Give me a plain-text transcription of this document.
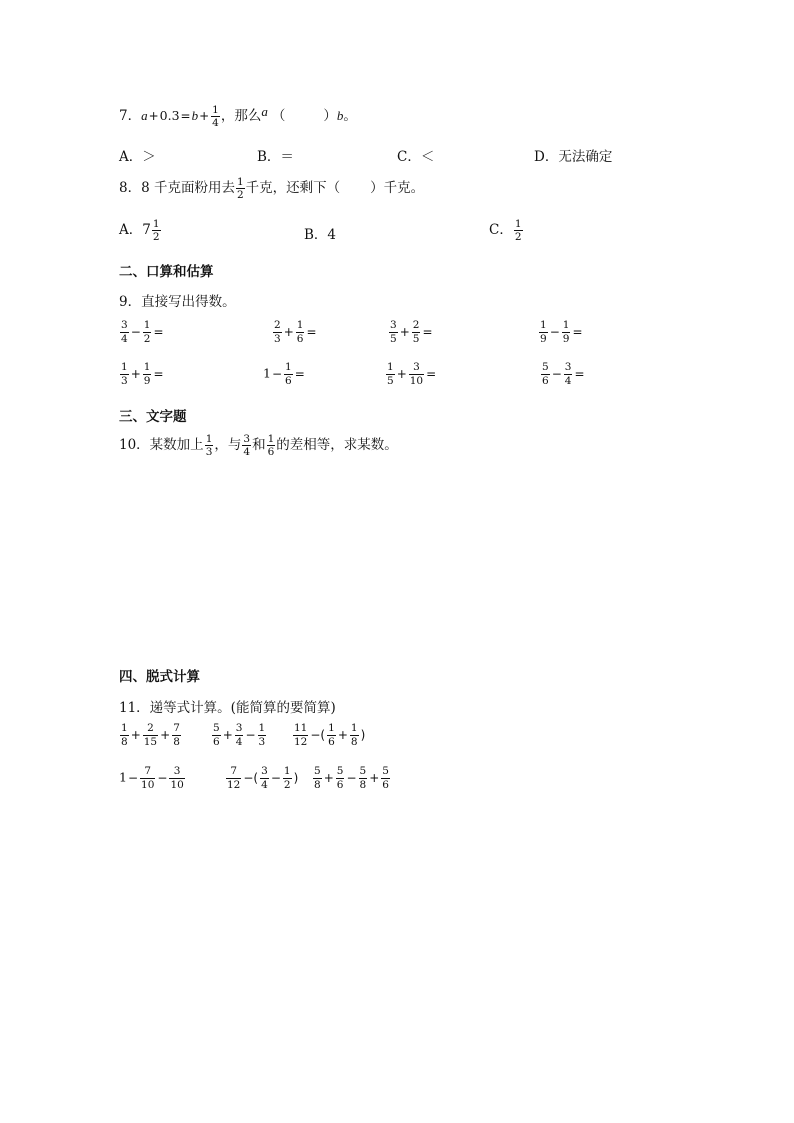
7．$a+0.3=b+ \frac{1}{4}$ ，那么a （	）b。
A．＞	B．＝	C．＜	D．无法确定
8．8 千克面粉用去 $\frac{1}{2}$ 千克，还剩下（ ）千克。
A．$7 \frac{1}{2}$	B．4	C． $\frac{1}{2}$
二、口算和估算
9．直接写出得数。
$\frac{3}{4} - \frac{1}{2}$ =	$\frac{2}{3} + \frac{1}{6}$ =	$\frac{3}{5} + \frac{2}{5}$ =	$\frac{1}{9} - \frac{1}{9}$ =
$\frac{1}{3} + \frac{1}{9}$ =	$1- \frac{1}{6}$ =	$\frac{1}{5} + \frac{3}{10}$ =	$\frac{5}{6} - \frac{3}{4}$ =
三、文字题
10．某数加上 $\frac{1}{3}$ ，与 $\frac{3}{4}$ 和 $\frac{1}{6}$ 的差相等，求某数。
四、脱式计算
11．递等式计算。(能简算的要简算)
$\frac{1}{8} + \frac{2}{15} + \frac{7}{8}$	$\frac{5}{6} + \frac{3}{4} - \frac{1}{3}$	$\frac{11}{12}$ −( $\frac{1}{6} + \frac{1}{8}$ )
$1- \frac{7}{10} - \frac{3}{10}$	$\frac{7}{12}$ −( $\frac{3}{4} - \frac{1}{2}$ ) $\frac{5}{8} + \frac{5}{6} - \frac{5}{8} + \frac{5}{6}$
